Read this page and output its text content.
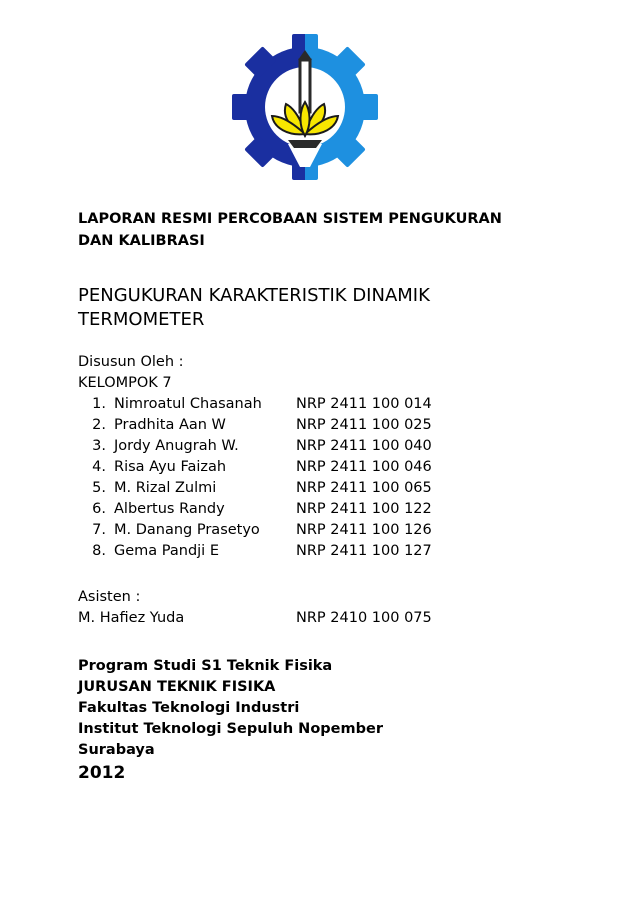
LAPORAN RESMI PERCOBAAN SISTEM PENGUKURAN
DAN KALIBRASI
PENGUKURAN KARAKTERISTIK DINAMIK
TERMOMETER
Disusun Oleh :
KELOMPOK 7
1. Nimroatul Chasanah	NRP 2411 100 014
2. Pradhita Aan W	NRP 2411 100 025
3. Jordy Anugrah W.	NRP 2411 100 040
4. Risa Ayu Faizah	NRP 2411 100 046
5. M. Rizal Zulmi	NRP 2411 100 065
6. Albertus Randy	NRP 2411 100 122
7. M. Danang Prasetyo	NRP 2411 100 126
8. Gema Pandji E	NRP 2411 100 127
Asisten :
M. Hafiez Yuda	NRP 2410 100 075
Program Studi S1 Teknik Fisika
JURUSAN TEKNIK FISIKA
Fakultas Teknologi Industri
Institut Teknologi Sepuluh Nopember
Surabaya
2012
